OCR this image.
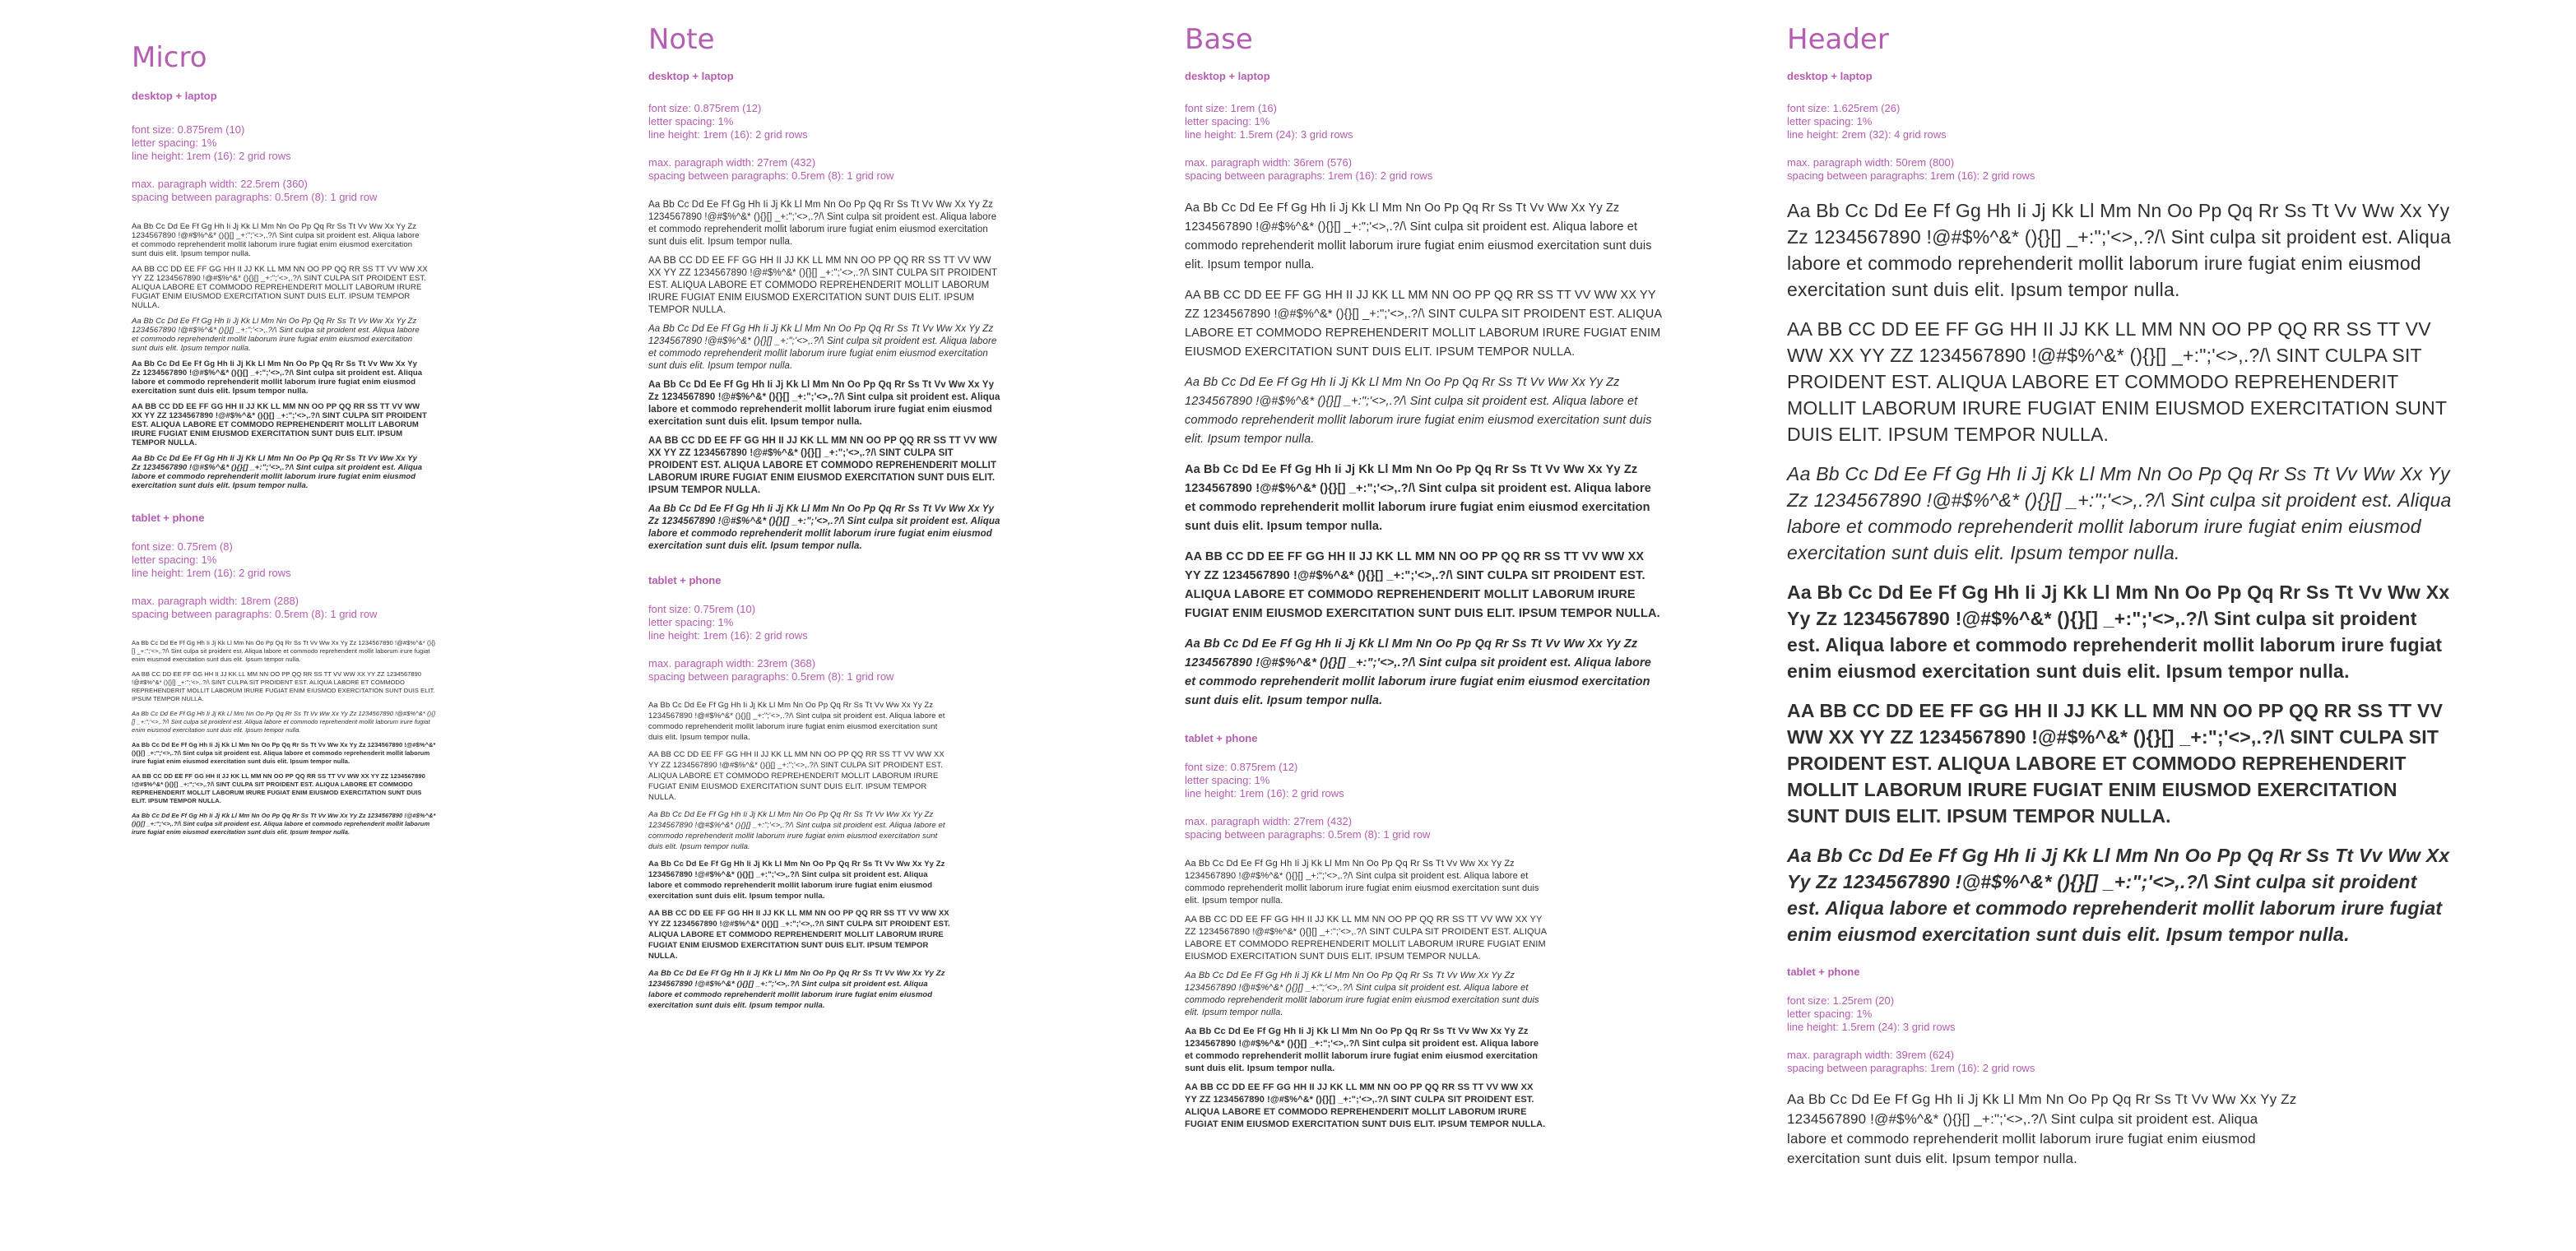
Micro

desktop + laptop

font size: 0.875rem (10)

letter spacing: 1%

line height: 1rem (16): 2 grid rows

max. paragraph width: 22.5rem (360)

spacing between paragraphs: 0.5rem (8): 1 grid row

Aa Bb Cc Dd Ee Ff Gg Hh Ii Jj Kk Ll Mm Nn Oo Pp Qq Rr Ss Tt Vv Ww Xx Yy Zz 1234567890 !@#$%^&* (){}[] _+:";'<>,.?/\ Sint culpa sit proident est. Aliqua labore et commodo reprehenderit mollit laborum irure fugiat enim eiusmod exercitation sunt duis elit. Ipsum tempor nulla.

AA BB CC DD EE FF GG HH II JJ KK LL MM NN OO PP QQ RR SS TT VV WW XX YY ZZ 1234567890 !@#$%^&* (){}[] _+:";'<>,.?/\ SINT CULPA SIT PROIDENT EST. ALIQUA LABORE ET COMMODO REPREHENDERIT MOLLIT LABORUM IRURE FUGIAT ENIM EIUSMOD EXERCITATION SUNT DUIS ELIT. IPSUM TEMPOR NULLA.

Aa Bb Cc Dd Ee Ff Gg Hh Ii Jj Kk Ll Mm Nn Oo Pp Qq Rr Ss Tt Vv Ww Xx Yy Zz 1234567890 !@#$%^&* (){}[] _+:";'<>,.?/\ Sint culpa sit proident est. Aliqua labore et commodo reprehenderit mollit laborum irure fugiat enim eiusmod exercitation sunt duis elit. Ipsum tempor nulla.

Aa Bb Cc Dd Ee Ff Gg Hh Ii Jj Kk Ll Mm Nn Oo Pp Qq Rr Ss Tt Vv Ww Xx Yy Zz 1234567890 !@#$%^&* (){}[] _+:";'<>,.?/\ Sint culpa sit proident est. Aliqua labore et commodo reprehenderit mollit laborum irure fugiat enim eiusmod exercitation sunt duis elit. Ipsum tempor nulla.

AA BB CC DD EE FF GG HH II JJ KK LL MM NN OO PP QQ RR SS TT VV WW XX YY ZZ 1234567890 !@#$%^&* (){}[] _+:";'<>,.?/\ SINT CULPA SIT PROIDENT EST. ALIQUA LABORE ET COMMODO REPREHENDERIT MOLLIT LABORUM IRURE FUGIAT ENIM EIUSMOD EXERCITATION SUNT DUIS ELIT. IPSUM TEMPOR NULLA.

Aa Bb Cc Dd Ee Ff Gg Hh Ii Jj Kk Ll Mm Nn Oo Pp Qq Rr Ss Tt Vv Ww Xx Yy Zz 1234567890 !@#$%^&* (){}[] _+:";'<>,.?/\ Sint culpa sit proident est. Aliqua labore et commodo reprehenderit mollit laborum irure fugiat enim eiusmod exercitation sunt duis elit. Ipsum tempor nulla.

tablet + phone

font size: 0.75rem (8)

letter spacing: 1%

line height: 1rem (16): 2 grid rows

max. paragraph width: 18rem (288)

spacing between paragraphs: 0.5rem (8): 1 grid row

Aa Bb Cc Dd Ee Ff Gg Hh Ii Jj Kk Ll Mm Nn Oo Pp Qq Rr Ss Tt Vv Ww Xx Yy Zz 1234567890 !@#$%^&* (){}[] _+:";'<>,.?/\ Sint culpa sit proident est. Aliqua labore et commodo reprehenderit mollit laborum irure fugiat enim eiusmod exercitation sunt duis elit. Ipsum tempor nulla.

AA BB CC DD EE FF GG HH II JJ KK LL MM NN OO PP QQ RR SS TT VV WW XX YY ZZ 1234567890 !@#$%^&* (){}[] _+:";'<>,.?/\ SINT CULPA SIT PROIDENT EST. ALIQUA LABORE ET COMMODO REPREHENDERIT MOLLIT LABORUM IRURE FUGIAT ENIM EIUSMOD EXERCITATION SUNT DUIS ELIT. IPSUM TEMPOR NULLA.

Aa Bb Cc Dd Ee Ff Gg Hh Ii Jj Kk Ll Mm Nn Oo Pp Qq Rr Ss Tt Vv Ww Xx Yy Zz 1234567890 !@#$%^&* (){}[] _+:";'<>,.?/\ Sint culpa sit proident est. Aliqua labore et commodo reprehenderit mollit laborum irure fugiat enim eiusmod exercitation sunt duis elit. Ipsum tempor nulla.

Aa Bb Cc Dd Ee Ff Gg Hh Ii Jj Kk Ll Mm Nn Oo Pp Qq Rr Ss Tt Vv Ww Xx Yy Zz 1234567890 !@#$%^&* (){}[] _+:";'<>,.?/\ Sint culpa sit proident est. Aliqua labore et commodo reprehenderit mollit laborum irure fugiat enim eiusmod exercitation sunt duis elit. Ipsum tempor nulla.

AA BB CC DD EE FF GG HH II JJ KK LL MM NN OO PP QQ RR SS TT VV WW XX YY ZZ 1234567890 !@#$%^&* (){}[] _+:";'<>,.?/\ SINT CULPA SIT PROIDENT EST. ALIQUA LABORE ET COMMODO REPREHENDERIT MOLLIT LABORUM IRURE FUGIAT ENIM EIUSMOD EXERCITATION SUNT DUIS ELIT. IPSUM TEMPOR NULLA.

Aa Bb Cc Dd Ee Ff Gg Hh Ii Jj Kk Ll Mm Nn Oo Pp Qq Rr Ss Tt Vv Ww Xx Yy Zz 1234567890 !@#$%^&* (){}[] _+:";'<>,.?/\ Sint culpa sit proident est. Aliqua labore et commodo reprehenderit mollit laborum irure fugiat enim eiusmod exercitation sunt duis elit. Ipsum tempor nulla.

Note

desktop + laptop

font size: 0.875rem (12)

letter spacing: 1%

line height: 1rem (16): 2 grid rows

max. paragraph width: 27rem (432)

spacing between paragraphs: 0.5rem (8): 1 grid row

Aa Bb Cc Dd Ee Ff Gg Hh Ii Jj Kk Ll Mm Nn Oo Pp Qq Rr Ss Tt Vv Ww Xx Yy Zz 1234567890 !@#$%^&* (){}[] _+:";'<>,.?/\ Sint culpa sit proident est. Aliqua labore et commodo reprehenderit mollit laborum irure fugiat enim eiusmod exercitation sunt duis elit. Ipsum tempor nulla.

AA BB CC DD EE FF GG HH II JJ KK LL MM NN OO PP QQ RR SS TT VV WW XX YY ZZ 1234567890 !@#$%^&* (){}[] _+:";'<>,.?/\ SINT CULPA SIT PROIDENT EST. ALIQUA LABORE ET COMMODO REPREHENDERIT MOLLIT LABORUM IRURE FUGIAT ENIM EIUSMOD EXERCITATION SUNT DUIS ELIT. IPSUM TEMPOR NULLA.

Aa Bb Cc Dd Ee Ff Gg Hh Ii Jj Kk Ll Mm Nn Oo Pp Qq Rr Ss Tt Vv Ww Xx Yy Zz 1234567890 !@#$%^&* (){}[] _+:";'<>,.?/\ Sint culpa sit proident est. Aliqua labore et commodo reprehenderit mollit laborum irure fugiat enim eiusmod exercitation sunt duis elit. Ipsum tempor nulla.

Aa Bb Cc Dd Ee Ff Gg Hh Ii Jj Kk Ll Mm Nn Oo Pp Qq Rr Ss Tt Vv Ww Xx Yy Zz 1234567890 !@#$%^&* (){}[] _+:";'<>,.?/\ Sint culpa sit proident est. Aliqua labore et commodo reprehenderit mollit laborum irure fugiat enim eiusmod exercitation sunt duis elit. Ipsum tempor nulla.

AA BB CC DD EE FF GG HH II JJ KK LL MM NN OO PP QQ RR SS TT VV WW XX YY ZZ 1234567890 !@#$%^&* (){}[] _+:";'<>,.?/\ SINT CULPA SIT PROIDENT EST. ALIQUA LABORE ET COMMODO REPREHENDERIT MOLLIT LABORUM IRURE FUGIAT ENIM EIUSMOD EXERCITATION SUNT DUIS ELIT. IPSUM TEMPOR NULLA.

Aa Bb Cc Dd Ee Ff Gg Hh Ii Jj Kk Ll Mm Nn Oo Pp Qq Rr Ss Tt Vv Ww Xx Yy Zz 1234567890 !@#$%^&* (){}[] _+:";'<>,.?/\ Sint culpa sit proident est. Aliqua labore et commodo reprehenderit mollit laborum irure fugiat enim eiusmod exercitation sunt duis elit. Ipsum tempor nulla.

tablet + phone

font size: 0.75rem (10)

letter spacing: 1%

line height: 1rem (16): 2 grid rows

max. paragraph width: 23rem (368)

spacing between paragraphs: 0.5rem (8): 1 grid row

Aa Bb Cc Dd Ee Ff Gg Hh Ii Jj Kk Ll Mm Nn Oo Pp Qq Rr Ss Tt Vv Ww Xx Yy Zz 1234567890 !@#$%^&* (){}[] _+:";'<>,.?/\ Sint culpa sit proident est. Aliqua labore et commodo reprehenderit mollit laborum irure fugiat enim eiusmod exercitation sunt duis elit. Ipsum tempor nulla.

AA BB CC DD EE FF GG HH II JJ KK LL MM NN OO PP QQ RR SS TT VV WW XX YY ZZ 1234567890 !@#$%^&* (){}[] _+:";'<>,.?/\ SINT CULPA SIT PROIDENT EST. ALIQUA LABORE ET COMMODO REPREHENDERIT MOLLIT LABORUM IRURE FUGIAT ENIM EIUSMOD EXERCITATION SUNT DUIS ELIT. IPSUM TEMPOR NULLA.

Aa Bb Cc Dd Ee Ff Gg Hh Ii Jj Kk Ll Mm Nn Oo Pp Qq Rr Ss Tt Vv Ww Xx Yy Zz 1234567890 !@#$%^&* (){}[] _+:";'<>,.?/\ Sint culpa sit proident est. Aliqua labore et commodo reprehenderit mollit laborum irure fugiat enim eiusmod exercitation sunt duis elit. Ipsum tempor nulla.

Aa Bb Cc Dd Ee Ff Gg Hh Ii Jj Kk Ll Mm Nn Oo Pp Qq Rr Ss Tt Vv Ww Xx Yy Zz 1234567890 !@#$%^&* (){}[] _+:";'<>,.?/\ Sint culpa sit proident est. Aliqua labore et commodo reprehenderit mollit laborum irure fugiat enim eiusmod exercitation sunt duis elit. Ipsum tempor nulla.

AA BB CC DD EE FF GG HH II JJ KK LL MM NN OO PP QQ RR SS TT VV WW XX YY ZZ 1234567890 !@#$%^&* (){}[] _+:";'<>,.?/\ SINT CULPA SIT PROIDENT EST. ALIQUA LABORE ET COMMODO REPREHENDERIT MOLLIT LABORUM IRURE FUGIAT ENIM EIUSMOD EXERCITATION SUNT DUIS ELIT. IPSUM TEMPOR NULLA.

Aa Bb Cc Dd Ee Ff Gg Hh Ii Jj Kk Ll Mm Nn Oo Pp Qq Rr Ss Tt Vv Ww Xx Yy Zz 1234567890 !@#$%^&* (){}[] _+:";'<>,.?/\ Sint culpa sit proident est. Aliqua labore et commodo reprehenderit mollit laborum irure fugiat enim eiusmod exercitation sunt duis elit. Ipsum tempor nulla.

Base

desktop + laptop

font size: 1rem (16)

letter spacing: 1%

line height: 1.5rem (24): 3 grid rows

max. paragraph width: 36rem (576)

spacing between paragraphs: 1rem (16): 2 grid rows

Aa Bb Cc Dd Ee Ff Gg Hh Ii Jj Kk Ll Mm Nn Oo Pp Qq Rr Ss Tt Vv Ww Xx Yy Zz 1234567890 !@#$%^&* (){}[] _+:";'<>,.?/\ Sint culpa sit proident est. Aliqua labore et commodo reprehenderit mollit laborum irure fugiat enim eiusmod exercitation sunt duis elit. Ipsum tempor nulla.

AA BB CC DD EE FF GG HH II JJ KK LL MM NN OO PP QQ RR SS TT VV WW XX YY ZZ 1234567890 !@#$%^&* (){}[] _+:";'<>,.?/\ SINT CULPA SIT PROIDENT EST. ALIQUA LABORE ET COMMODO REPREHENDERIT MOLLIT LABORUM IRURE FUGIAT ENIM EIUSMOD EXERCITATION SUNT DUIS ELIT. IPSUM TEMPOR NULLA.

Aa Bb Cc Dd Ee Ff Gg Hh Ii Jj Kk Ll Mm Nn Oo Pp Qq Rr Ss Tt Vv Ww Xx Yy Zz 1234567890 !@#$%^&* (){}[] _+:";'<>,.?/\ Sint culpa sit proident est. Aliqua labore et commodo reprehenderit mollit laborum irure fugiat enim eiusmod exercitation sunt duis elit. Ipsum tempor nulla.

Aa Bb Cc Dd Ee Ff Gg Hh Ii Jj Kk Ll Mm Nn Oo Pp Qq Rr Ss Tt Vv Ww Xx Yy Zz 1234567890 !@#$%^&* (){}[] _+:";'<>,.?/\ Sint culpa sit proident est. Aliqua labore et commodo reprehenderit mollit laborum irure fugiat enim eiusmod exercitation sunt duis elit. Ipsum tempor nulla.

AA BB CC DD EE FF GG HH II JJ KK LL MM NN OO PP QQ RR SS TT VV WW XX YY ZZ 1234567890 !@#$%^&* (){}[] _+:";'<>,.?/\ SINT CULPA SIT PROIDENT EST. ALIQUA LABORE ET COMMODO REPREHENDERIT MOLLIT LABORUM IRURE FUGIAT ENIM EIUSMOD EXERCITATION SUNT DUIS ELIT. IPSUM TEMPOR NULLA.

Aa Bb Cc Dd Ee Ff Gg Hh Ii Jj Kk Ll Mm Nn Oo Pp Qq Rr Ss Tt Vv Ww Xx Yy Zz 1234567890 !@#$%^&* (){}[] _+:";'<>,.?/\ Sint culpa sit proident est. Aliqua labore et commodo reprehenderit mollit laborum irure fugiat enim eiusmod exercitation sunt duis elit. Ipsum tempor nulla.

tablet + phone

font size: 0.875rem (12)

letter spacing: 1%

line height: 1rem (16): 2 grid rows

max. paragraph width: 27rem (432)

spacing between paragraphs: 0.5rem (8): 1 grid row

Aa Bb Cc Dd Ee Ff Gg Hh Ii Jj Kk Ll Mm Nn Oo Pp Qq Rr Ss Tt Vv Ww Xx Yy Zz 1234567890 !@#$%^&* (){}[] _+:";'<>,.?/\ Sint culpa sit proident est. Aliqua labore et commodo reprehenderit mollit laborum irure fugiat enim eiusmod exercitation sunt duis elit. Ipsum tempor nulla.

AA BB CC DD EE FF GG HH II JJ KK LL MM NN OO PP QQ RR SS TT VV WW XX YY ZZ 1234567890 !@#$%^&* (){}[] _+:";'<>,.?/\ SINT CULPA SIT PROIDENT EST. ALIQUA LABORE ET COMMODO REPREHENDERIT MOLLIT LABORUM IRURE FUGIAT ENIM EIUSMOD EXERCITATION SUNT DUIS ELIT. IPSUM TEMPOR NULLA.

Aa Bb Cc Dd Ee Ff Gg Hh Ii Jj Kk Ll Mm Nn Oo Pp Qq Rr Ss Tt Vv Ww Xx Yy Zz 1234567890 !@#$%^&* (){}[] _+:";'<>,.?/\ Sint culpa sit proident est. Aliqua labore et commodo reprehenderit mollit laborum irure fugiat enim eiusmod exercitation sunt duis elit. Ipsum tempor nulla.

Aa Bb Cc Dd Ee Ff Gg Hh Ii Jj Kk Ll Mm Nn Oo Pp Qq Rr Ss Tt Vv Ww Xx Yy Zz 1234567890 !@#$%^&* (){}[] _+:";'<>,.?/\ Sint culpa sit proident est. Aliqua labore et commodo reprehenderit mollit laborum irure fugiat enim eiusmod exercitation sunt duis elit. Ipsum tempor nulla.

AA BB CC DD EE FF GG HH II JJ KK LL MM NN OO PP QQ RR SS TT VV WW XX YY ZZ 1234567890 !@#$%^&* (){}[] _+:";'<>,.?/\ SINT CULPA SIT PROIDENT EST. ALIQUA LABORE ET COMMODO REPREHENDERIT MOLLIT LABORUM IRURE FUGIAT ENIM EIUSMOD EXERCITATION SUNT DUIS ELIT. IPSUM TEMPOR NULLA.

Header

desktop + laptop

font size: 1.625rem (26)

letter spacing: 1%

line height: 2rem (32): 4 grid rows

max. paragraph width: 50rem (800)

spacing between paragraphs: 1rem (16): 2 grid rows

Aa Bb Cc Dd Ee Ff Gg Hh Ii Jj Kk Ll Mm Nn Oo Pp Qq Rr Ss Tt Vv Ww Xx Yy Zz 1234567890 !@#$%^&* (){}[] _+:";'<>,.?/\ Sint culpa sit proident est. Aliqua labore et commodo reprehenderit mollit laborum irure fugiat enim eiusmod exercitation sunt duis elit. Ipsum tempor nulla.

AA BB CC DD EE FF GG HH II JJ KK LL MM NN OO PP QQ RR SS TT VV WW XX YY ZZ 1234567890 !@#$%^&* (){}[] _+:";'<>,.?/\ SINT CULPA SIT PROIDENT EST. ALIQUA LABORE ET COMMODO REPREHENDERIT MOLLIT LABORUM IRURE FUGIAT ENIM EIUSMOD EXERCITATION SUNT DUIS ELIT. IPSUM TEMPOR NULLA.

Aa Bb Cc Dd Ee Ff Gg Hh Ii Jj Kk Ll Mm Nn Oo Pp Qq Rr Ss Tt Vv Ww Xx Yy Zz 1234567890 !@#$%^&* (){}[] _+:";'<>,.?/\ Sint culpa sit proident est. Aliqua labore et commodo reprehenderit mollit laborum irure fugiat enim eiusmod exercitation sunt duis elit. Ipsum tempor nulla.

Aa Bb Cc Dd Ee Ff Gg Hh Ii Jj Kk Ll Mm Nn Oo Pp Qq Rr Ss Tt Vv Ww Xx Yy Zz 1234567890 !@#$%^&* (){}[] _+:";'<>,.?/\ Sint culpa sit proident est. Aliqua labore et commodo reprehenderit mollit laborum irure fugiat enim eiusmod exercitation sunt duis elit. Ipsum tempor nulla.

AA BB CC DD EE FF GG HH II JJ KK LL MM NN OO PP QQ RR SS TT VV WW XX YY ZZ 1234567890 !@#$%^&* (){}[] _+:";'<>,.?/\ SINT CULPA SIT PROIDENT EST. ALIQUA LABORE ET COMMODO REPREHENDERIT MOLLIT LABORUM IRURE FUGIAT ENIM EIUSMOD EXERCITATION SUNT DUIS ELIT. IPSUM TEMPOR NULLA.

Aa Bb Cc Dd Ee Ff Gg Hh Ii Jj Kk Ll Mm Nn Oo Pp Qq Rr Ss Tt Vv Ww Xx Yy Zz 1234567890 !@#$%^&* (){}[] _+:";'<>,.?/\ Sint culpa sit proident est. Aliqua labore et commodo reprehenderit mollit laborum irure fugiat enim eiusmod exercitation sunt duis elit. Ipsum tempor nulla.

tablet + phone

font size: 1.25rem (20)

letter spacing: 1%

line height: 1.5rem (24): 3 grid rows

max. paragraph width: 39rem (624)

spacing between paragraphs: 1rem (16): 2 grid rows

Aa Bb Cc Dd Ee Ff Gg Hh Ii Jj Kk Ll Mm Nn Oo Pp Qq Rr Ss Tt Vv Ww Xx Yy Zz 1234567890 !@#$%^&* (){}[] _+:";'<>,.?/\ Sint culpa sit proident est. Aliqua labore et commodo reprehenderit mollit laborum irure fugiat enim eiusmod exercitation sunt duis elit. Ipsum tempor nulla.
